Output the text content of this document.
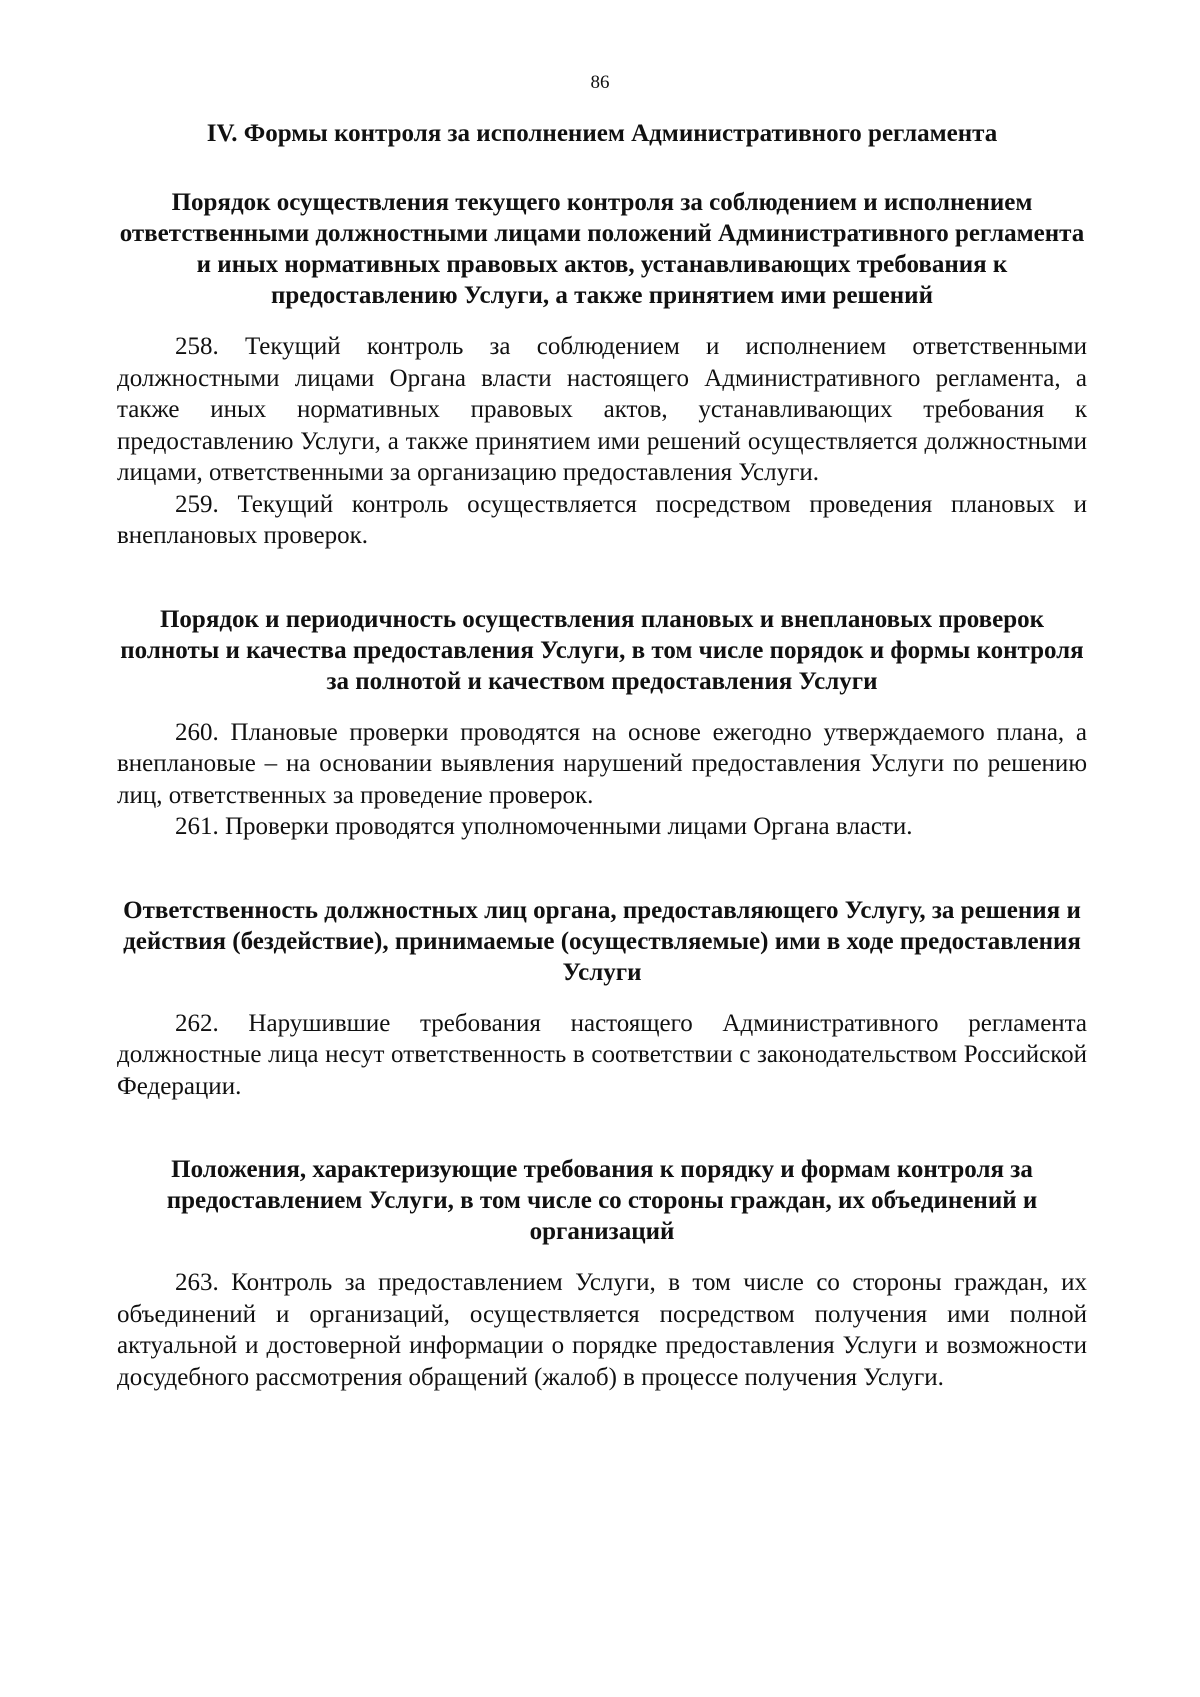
86
IV. Формы контроля за исполнением Административного регламента
Порядок осуществления текущего контроля за соблюдением и исполнением ответственными должностными лицами положений Административного регламента и иных нормативных правовых актов, устанавливающих требования к предоставлению Услуги, а также принятием ими решений

258. Текущий контроль за соблюдением и исполнением ответственными должностными лицами Органа власти настоящего Административного регламента, а также иных нормативных правовых актов, устанавливающих требования к предоставлению Услуги, а также принятием ими решений осуществляется должностными лицами, ответственными за организацию предоставления Услуги.

259. Текущий контроль осуществляется посредством проведения плановых и внеплановых проверок.

Порядок и периодичность осуществления плановых и внеплановых проверок полноты и качества предоставления Услуги, в том числе порядок и формы контроля за полнотой и качеством предоставления Услуги

260. Плановые проверки проводятся на основе ежегодно утверждаемого плана, а внеплановые – на основании выявления нарушений предоставления Услуги по решению лиц, ответственных за проведение проверок.

261. Проверки проводятся уполномоченными лицами Органа власти.

Ответственность должностных лиц органа, предоставляющего Услугу, за решения и действия (бездействие), принимаемые (осуществляемые) ими в ходе предоставления Услуги

262. Нарушившие требования настоящего Административного регламента должностные лица несут ответственность в соответствии с законодательством Российской Федерации.

Положения, характеризующие требования к порядку и формам контроля за предоставлением Услуги, в том числе со стороны граждан, их объединений и организаций

263. Контроль за предоставлением Услуги, в том числе со стороны граждан, их объединений и организаций, осуществляется посредством получения ими полной актуальной и достоверной информации о порядке предоставления Услуги и возможности досудебного рассмотрения обращений (жалоб) в процессе получения Услуги.
